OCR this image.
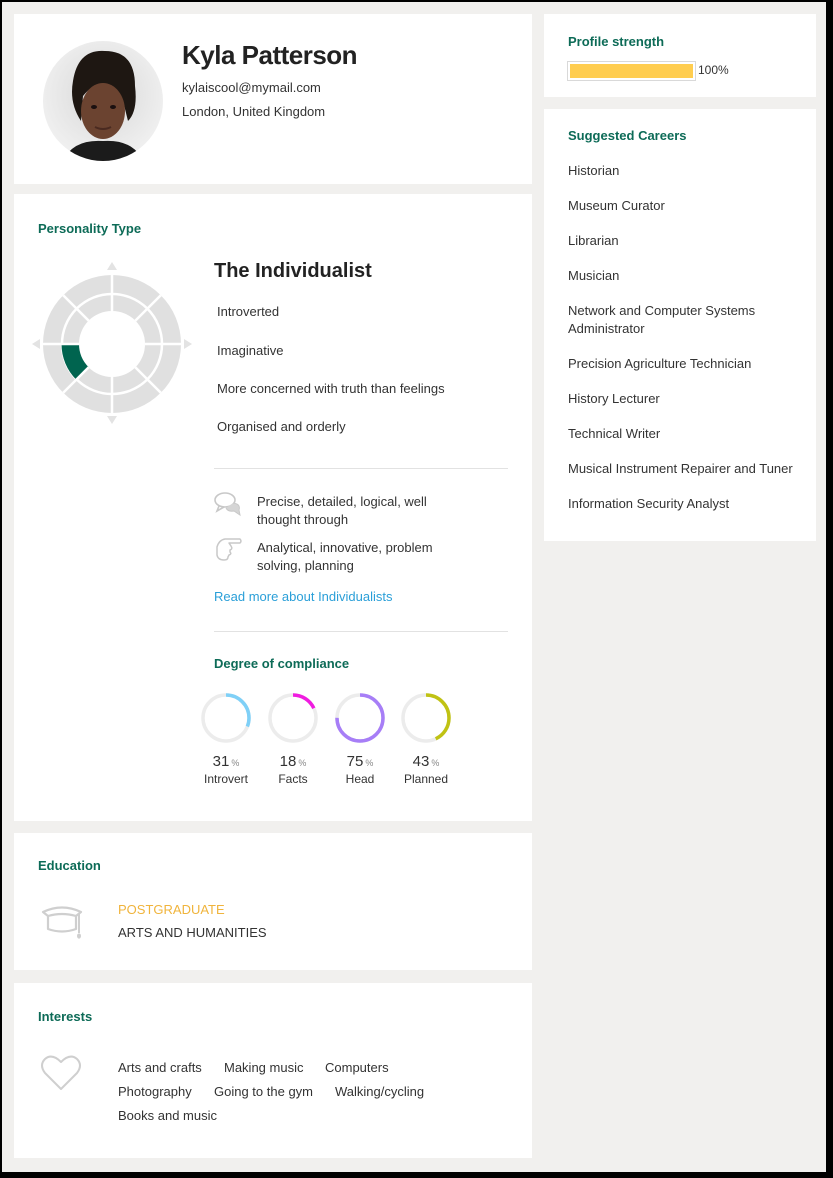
Kyla Patterson
kylaiscool@mymail.com
London, United Kingdom
Personality Type
The Individualist
Introverted
Imaginative
More concerned with truth than feelings
Organised and orderly
Precise, detailed, logical, well thought through
Analytical, innovative, problem solving, planning
Read more about Individualists
Degree of compliance
31 %
Introvert
18 %
Facts
75 %
Head
43 %
Planned
Profile strength
100%
Suggested Careers
Historian
Museum Curator
Librarian
Musician
Network and Computer Systems Administrator
Precision Agriculture Technician
History Lecturer
Technical Writer
Musical Instrument Repairer and Tuner
Information Security Analyst
Education
POSTGRADUATE
ARTS AND HUMANITIES
Interests
Arts and crafts Making music Computers
Photography Going to the gym Walking/cycling
Books and music
